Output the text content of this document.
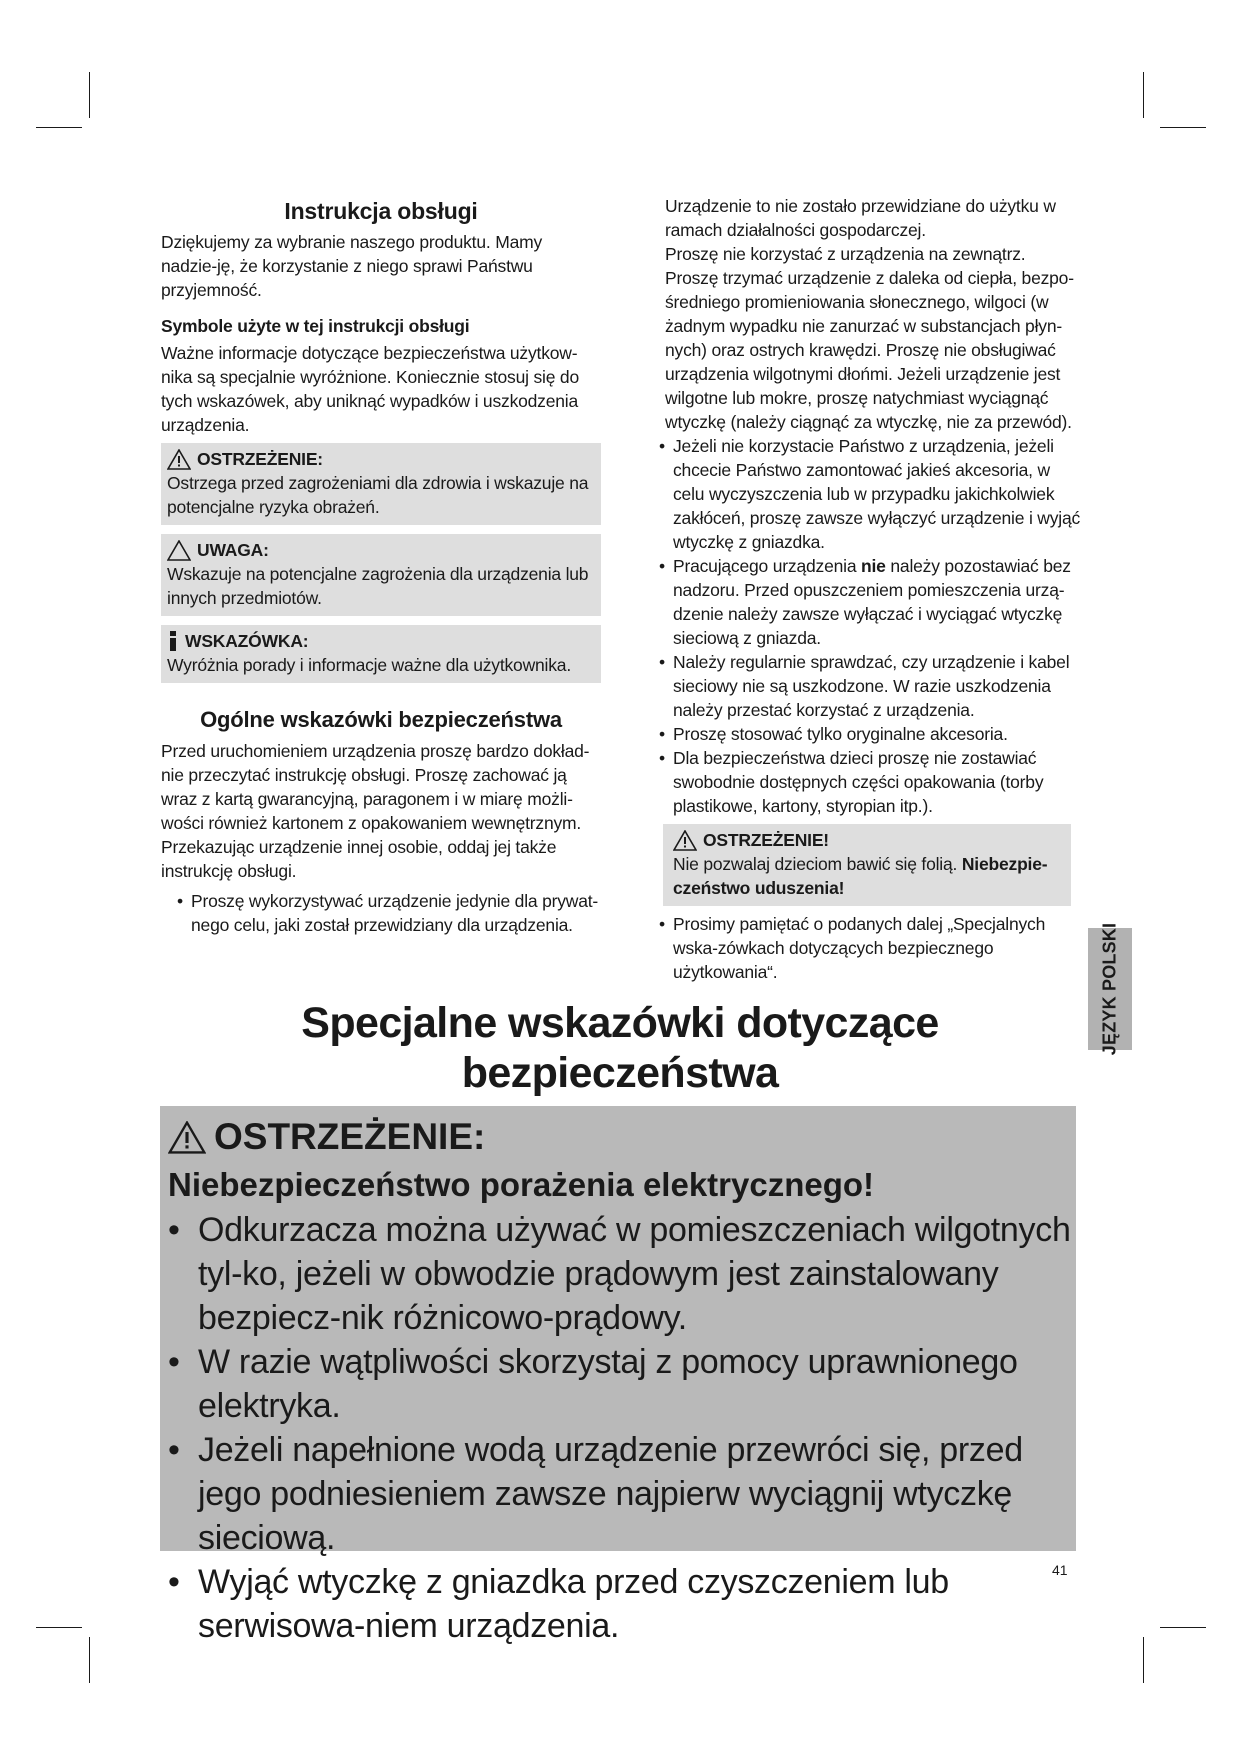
Instrukcja obsługi

Dziękujemy za wybranie naszego produktu. Mamy nadzie-ję, że korzystanie z niego sprawi Państwu przyjemność.

Symbole użyte w tej instrukcji obsługi

Ważne informacje dotyczące bezpieczeństwa użytkow-nika są specjalnie wyróżnione. Koniecznie stosuj się do tych wskazówek, aby uniknąć wypadków i uszkodzenia urządzenia.

OSTRZEŻENIE:

Ostrzega przed zagrożeniami dla zdrowia i wskazuje na potencjalne ryzyka obrażeń.

UWAGA:

Wskazuje na potencjalne zagrożenia dla urządzenia lub innych przedmiotów.

WSKAZÓWKA:

Wyróżnia porady i informacje ważne dla użytkownika.

Ogólne wskazówki bezpieczeństwa

Przed uruchomieniem urządzenia proszę bardzo dokład-nie przeczytać instrukcję obsługi. Proszę zachować ją wraz z kartą gwarancyjną, paragonem i w miarę możli-wości również kartonem z opakowaniem wewnętrznym. Przekazując urządzenie innej osobie, oddaj jej także instrukcję obsługi.

• Proszę wykorzystywać urządzenie jedynie dla prywat-nego celu, jaki został przewidziany dla urządzenia.

Urządzenie to nie zostało przewidziane do użytku w ramach działalności gospodarczej.

Proszę nie korzystać z urządzenia na zewnątrz.

Proszę trzymać urządzenie z daleka od ciepła, bezpo-średniego promieniowania słonecznego, wilgoci (w żadnym wypadku nie zanurzać w substancjach płyn-nych) oraz ostrych krawędzi. Proszę nie obsługiwać urządzenia wilgotnymi dłońmi. Jeżeli urządzenie jest wilgotne lub mokre, proszę natychmiast wyciągnąć wtyczkę (należy ciągnąć za wtyczkę, nie za przewód).

• Jeżeli nie korzystacie Państwo z urządzenia, jeżeli chcecie Państwo zamontować jakieś akcesoria, w celu wyczyszczenia lub w przypadku jakichkolwiek zakłóceń, proszę zawsze wyłączyć urządzenie i wyjąć wtyczkę z gniazdka.
• Pracującego urządzenia nie należy pozostawiać bez nadzoru. Przed opuszczeniem pomieszczenia urzą-dzenie należy zawsze wyłączać i wyciągać wtyczkę sieciową z gniazda.
• Należy regularnie sprawdzać, czy urządzenie i kabel sieciowy nie są uszkodzone. W razie uszkodzenia należy przestać korzystać z urządzenia.
• Proszę stosować tylko oryginalne akcesoria.
• Dla bezpieczeństwa dzieci proszę nie zostawiać swobodnie dostępnych części opakowania (torby plastikowe, kartony, styropian itp.).
OSTRZEŻENIE!

Nie pozwalaj dzieciom bawić się folią. Niebezpie-czeństwo uduszenia!

• Prosimy pamiętać o podanych dalej „Specjalnych wska-zówkach dotyczących bezpiecznego użytkowania“.	JĘZYK POLSKI
Specjalne wskazówki dotyczące bezpieczeństwa
OSTRZEŻENIE:
Niebezpieczeństwo porażenia elektrycznego!
• Odkurzacza można używać w pomieszczeniach wilgotnych tyl-ko, jeżeli w obwodzie prądowym jest zainstalowany bezpiecz-nik różnicowo-prądowy.
• W razie wątpliwości skorzystaj z pomocy uprawnionego elektryka.
• Jeżeli napełnione wodą urządzenie przewróci się, przed jego podniesieniem zawsze najpierw wyciągnij wtyczkę sieciową.
• Wyjąć wtyczkę z gniazdka przed czyszczeniem lub serwisowa-niem urządzenia.
41
